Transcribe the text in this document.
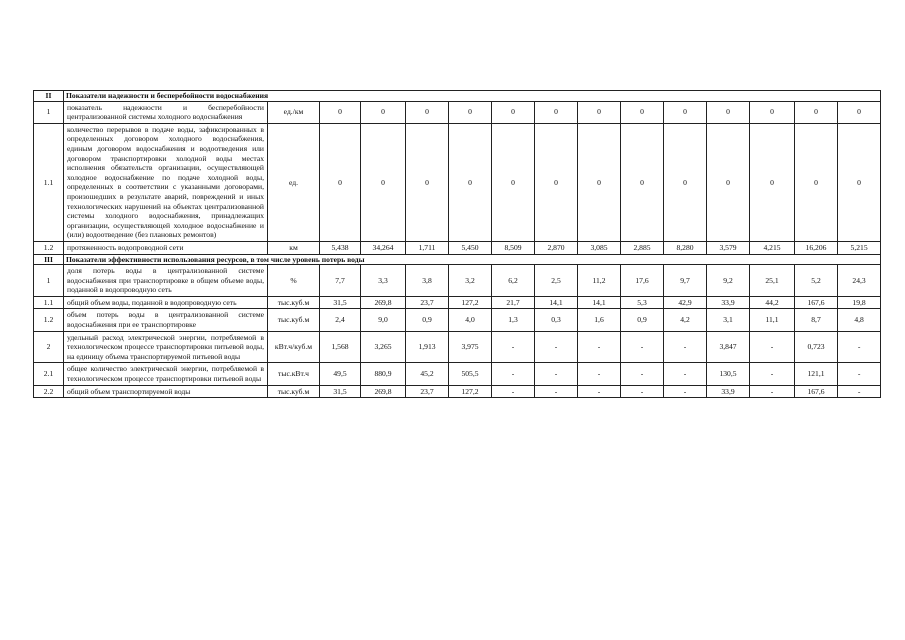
II	Показатели надежности и бесперебойности водоснабжения														
1	показатель надежности и бесперебойности централизованной системы холодного водоснабжения	ед./км	0	0	0	0	0	0	0	0	0	0	0	0	0
1.1	количество перерывов в подаче воды, зафиксированных в определенных договором холодного водоснабжения, единым договором водоснабжения и водоотведения или договором транспортировки холодной воды местах исполнения обязательств организации, осуществляющей холодное водоснабжение по подаче холодной воды, определенных в соответствии с указанными договорами, произошедших в результате аварий, повреждений и иных технологических нарушений на объектах централизованной системы холодного водоснабжения, принадлежащих организации, осуществляющей холодное водоснабжение и (или) водоотведение (без плановых ремонтов)	ед.	0	0	0	0	0	0	0	0	0	0	0	0	0
1.2	протяженность водопроводной сети	км	5,438	34,264	1,711	5,450	8,509	2,870	3,085	2,885	8,280	3,579	4,215	16,206	5,215
III	Показатели эффективности использования ресурсов, в том числе уровень потерь воды														
1	доля потерь воды в централизованной системе водоснабжения при транспортировке в общем объеме воды, поданной в водопроводную сеть	%	7,7	3,3	3,8	3,2	6,2	2,5	11,2	17,6	9,7	9,2	25,1	5,2	24,3
1.1	общий объем воды, поданной в водопроводную сеть	тыс.куб.м	31,5	269,8	23,7	127,2	21,7	14,1	14,1	5,3	42,9	33,9	44,2	167,6	19,8
1.2	объем потерь воды в централизованной системе водоснабжения при ее транспортировке	тыс.куб.м	2,4	9,0	0,9	4,0	1,3	0,3	1,6	0,9	4,2	3,1	11,1	8,7	4,8
2	удельный расход электрической энергии, потребляемой в технологическом процессе транспортировки питьевой воды, на единицу объема транспортируемой питьевой воды	кВт.ч/куб.м	1,568	3,265	1,913	3,975	-	-	-	-	-	3,847	-	0,723	-
2.1	общее количество электрической энергии, потребляемой в технологическом процессе транспортировки питьевой воды	тыс.кВт.ч	49,5	880,9	45,2	505,5	-	-	-	-	-	130,5	-	121,1	-
2.2	общий объем транспортируемой воды	тыс.куб.м	31,5	269,8	23,7	127,2	-	-	-	-	-	33,9	-	167,6	-
